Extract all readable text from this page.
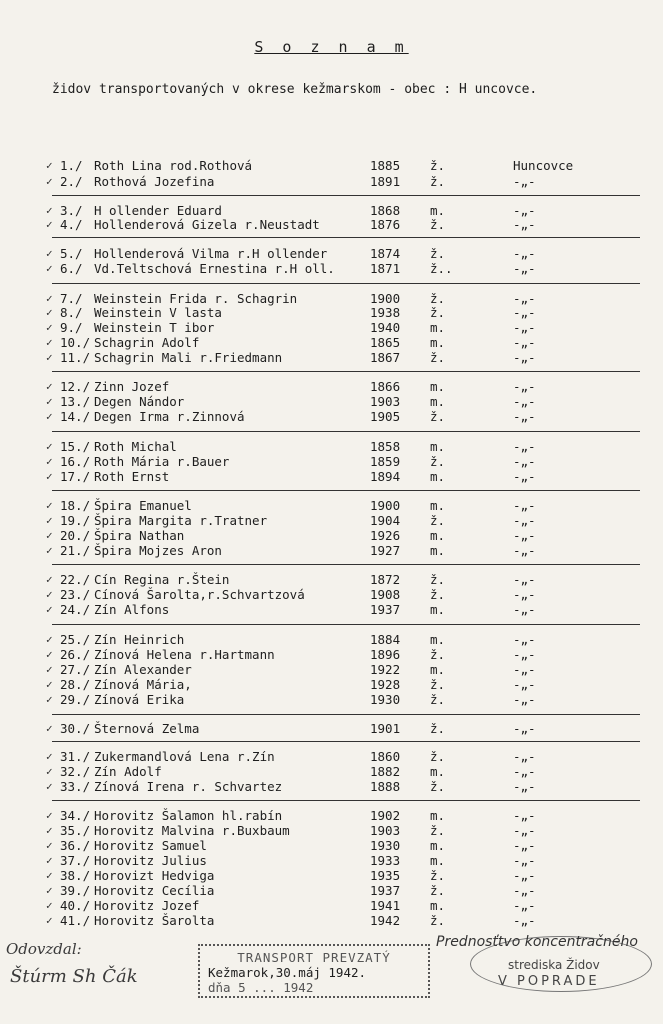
S o z n a m
židov transportovaných v okrese kežmarskom - obec : H uncovce.
✓ 1./ Roth Lina rod.Rothová	1885 ž.	Huncovce
✓ 2./ Rothová Jozefina	1891 ž.	-„-
✓ 3./ H ollender Eduard	1868 m.	-„-
✓ 4./ Hollenderová Gizela r.Neustadt	1876 ž.	-„-
✓ 5./ Hollenderová Vilma r.H ollender	1874 ž.	-„-
✓ 6./ Vd.Teltschová Ernestina r.H oll.	1871 ž..	-„-
✓ 7./ Weinstein Frida r. Schagrin	1900 ž.	-„-
✓ 8./ Weinstein V lasta	1938 ž.	-„-
✓ 9./ Weinstein T ibor	1940 m.	-„-
✓ 10./ Schagrin Adolf	1865 m.	-„-
✓ 11./ Schagrin Mali r.Friedmann	1867 ž.	-„-
✓ 12./ Zinn Jozef	1866 m.	-„-
✓ 13./ Degen Nándor	1903 m.	-„-
✓ 14./ Degen Irma r.Zinnová	1905 ž.	-„-
✓ 15./ Roth Michal	1858 m.	-„-
✓ 16./ Roth Mária r.Bauer	1859 ž.	-„-
✓ 17./ Roth Ernst	1894 m.	-„-
✓ 18./ Špira Emanuel	1900 m.	-„-
✓ 19./ Špira Margita r.Tratner	1904 ž.	-„-
✓ 20./ Špira Nathan	1926 m.	-„-
✓ 21./ Špira Mojzes Aron	1927 m.	-„-
✓ 22./ Cín Regina r.Štein	1872 ž.	-„-
✓ 23./ Cínová Šarolta,r.Schvartzová	1908 ž.	-„-
✓ 24./ Zín Alfons	1937 m.	-„-
✓ 25./ Zín Heinrich	1884 m.	-„-
✓ 26./ Zínová Helena r.Hartmann	1896 ž.	-„-
✓ 27./ Zín Alexander	1922 m.	-„-
✓ 28./ Zínová Mária,	1928 ž.	-„-
✓ 29./ Zínová Erika	1930 ž.	-„-
✓ 30./ Šternová Zelma	1901 ž.	-„-
✓ 31./ Zukermandlová Lena r.Zín	1860 ž.	-„-
✓ 32./ Zín Adolf	1882 m.	-„-
✓ 33./ Zínová Irena r. Schvartez	1888 ž.	-„-
✓ 34./ Horovitz Šalamon hl.rabín	1902 m.	-„-
✓ 35./ Horovitz Malvina r.Buxbaum	1903 ž.	-„-
✓ 36./ Horovitz Samuel	1930 m.	-„-
✓ 37./ Horovitz Julius	1933 m.	-„-
✓ 38./ Horovizt Hedviga	1935 ž.	-„-
✓ 39./ Horovitz Cecília	1937 ž.	-„-
✓ 40./ Horovitz Jozef	1941 m.	-„-
✓ 41./ Horovitz Šarolta	1942 ž.	-„-
Odovzdal:
Štúrm Sh Čák
TRANSPORT PREVZATÝ
Kežmarok,30.máj 1942.
dňa 5 ... 1942
Prednosťtvo koncentračného
strediska Židov
V POPRADE
